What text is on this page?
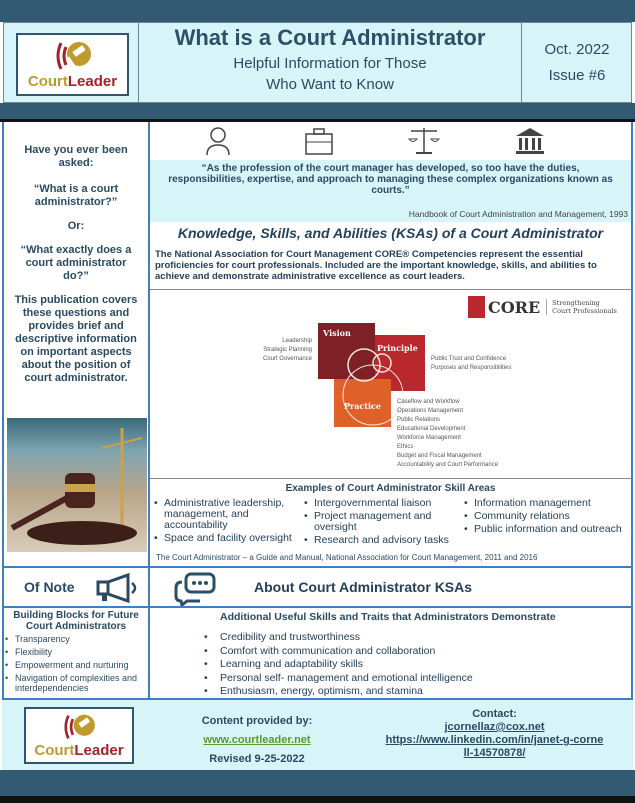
CourtLeader
What is a Court Administrator
Helpful Information for Those
Who Want to Know
Oct. 2022
Issue #6
Have you ever been asked:
“What is a court administrator?”
Or:
“What exactly does a court administrator do?”
This publication covers these questions and provides brief and descriptive information on important aspects about the position of court administrator.
“As the profession of the court manager has developed, so too have the duties, responsibilities, expertise, and approach to managing these complex organizations known as courts.”
Handbook of Court Administration and Management, 1993
Knowledge, Skills, and Abilities (KSAs) of a Court Administrator
The National Association for Court Management CORE® Competencies represent the essential proficiencies for court professionals. Included are the important knowledge, skills, and abilities to achieve and demonstrate administrative excellence as court leaders.
CORE Strengthening
Court Professionals
Vision
Principle
Practice
Leadership
Strategic Planning
Court Governance	Public Trust and Confidence
Purposes and Responsibilities
Caseflow and Workflow
Operations Management
Public Relations
Educational Development
Workforce Management
Ethics
Budget and Fiscal Management
Accountability and Court Performance
Examples of Court Administrator Skill Areas
• Administrative leadership, management, and accountability
• Space and facility oversight
• Intergovernmental liaison
• Project management and oversight
• Research and advisory tasks
• Information management
• Community relations
• Public information and outreach
The Court Administrator – a Guide and Manual, National Association for Court Management, 2011 and 2016
Of Note	About Court Administrator KSAs
Building Blocks for Future Court Administrators
• Transparency
• Flexibility
• Empowerment and nurturing
• Navigation of complexities and interdependencies
Additional Useful Skills and Traits that Administrators Demonstrate
• Credibility and trustworthiness
• Comfort with communication and collaboration
• Learning and adaptability skills
• Personal self- management and emotional intelligence
• Enthusiasm, energy, optimism, and stamina
CourtLeader
Content provided by:
www.courtleader.net
Revised 9-25-2022
Contact:
jcornellaz@cox.net
https://www.linkedin.com/in/janet-g-cornell-14570878/
